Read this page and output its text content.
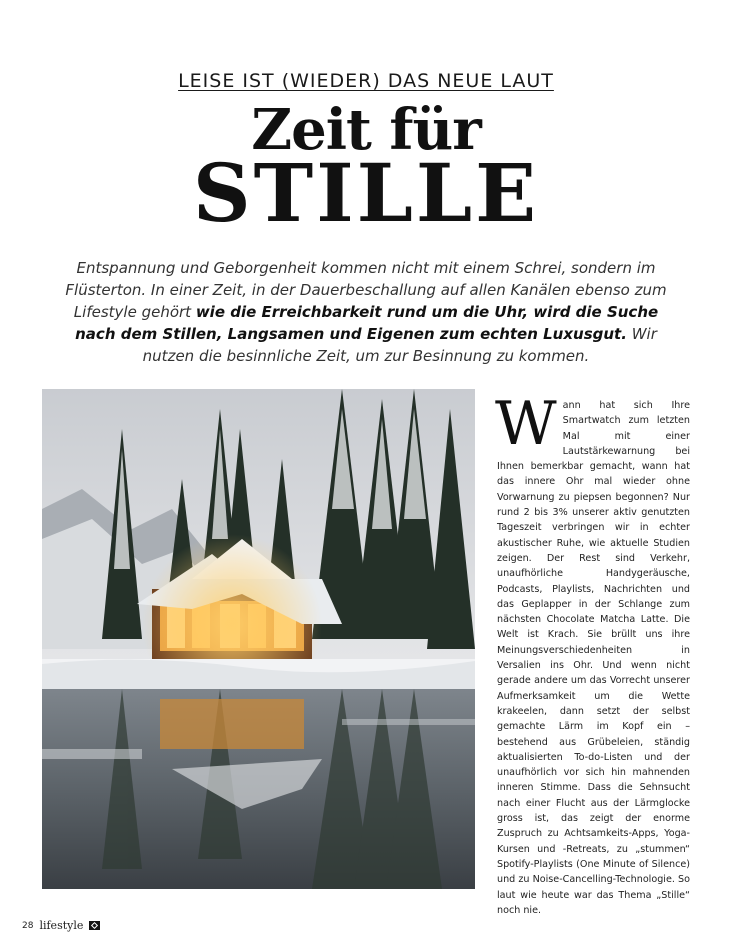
LEISE IST (WIEDER) DAS NEUE LAUT
Zeit für
STILLE
Entspannung und Geborgenheit kommen nicht mit einem Schrei, sondern im Flüsterton. In einer Zeit, in der Dauerbeschallung auf allen Kanälen ebenso zum Lifestyle gehört wie die Erreichbarkeit rund um die Uhr, wird die Suche nach dem Stillen, Langsamen und Eigenen zum echten Luxusgut. Wir nutzen die besinnliche Zeit, um zur Besinnung zu kommen.
Wann hat sich Ihre Smartwatch zum letzten Mal mit einer Lautstärkewarnung bei Ihnen bemerkbar gemacht, wann hat das innere Ohr mal wieder ohne Vorwarnung zu piepsen begonnen? Nur rund 2 bis 3% unserer aktiv genutzten Tageszeit verbringen wir in echter akustischer Ruhe, wie aktuelle Studien zeigen. Der Rest sind Verkehr, unaufhörliche Handygeräusche, Podcasts, Playlists, Nachrichten und das Geplapper in der Schlange zum nächsten Chocolate Matcha Latte. Die Welt ist Krach. Sie brüllt uns ihre Meinungsverschiedenheiten in Versalien ins Ohr. Und wenn nicht gerade andere um das Vorrecht unserer Aufmerksamkeit um die Wette krakeelen, dann setzt der selbst gemachte Lärm im Kopf ein – bestehend aus Grübeleien, ständig aktualisierten To-do-Listen und der unaufhörlich vor sich hin mahnenden inneren Stimme. Dass die Sehnsucht nach einer Flucht aus der Lärmglocke gross ist, das zeigt der enorme Zuspruch zu Achtsamkeits-Apps, Yoga-Kursen und -Retreats, zu „stummen“ Spotify-Playlists (One Minute of Silence) und zu Noise-Cancelling-Technologie. So laut wie heute war das Thema „Stille“ noch nie.
28 lifestyle
